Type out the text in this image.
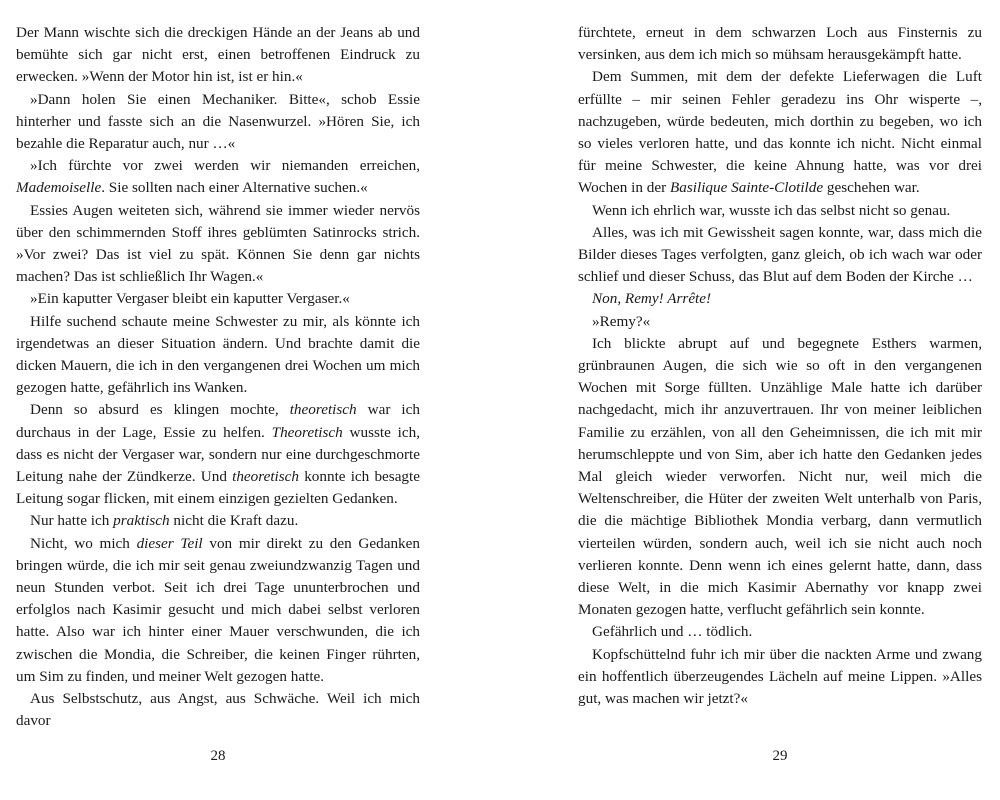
Der Mann wischte sich die dreckigen Hände an der Jeans ab und bemühte sich gar nicht erst, einen betroffenen Eindruck zu erwecken. »Wenn der Motor hin ist, ist er hin.«

»Dann holen Sie einen Mechaniker. Bitte«, schob Essie hinterher und fasste sich an die Nasenwurzel. »Hören Sie, ich bezahle die Reparatur auch, nur …«

»Ich fürchte vor zwei werden wir niemanden erreichen, Mademoiselle. Sie sollten nach einer Alternative suchen.«

Essies Augen weiteten sich, während sie immer wieder nervös über den schimmernden Stoff ihres geblümten Satinrocks strich. »Vor zwei? Das ist viel zu spät. Können Sie denn gar nichts machen? Das ist schließlich Ihr Wagen.«

»Ein kaputter Vergaser bleibt ein kaputter Vergaser.«

Hilfe suchend schaute meine Schwester zu mir, als könnte ich irgendetwas an dieser Situation ändern. Und brachte damit die dicken Mauern, die ich in den vergangenen drei Wochen um mich gezogen hatte, gefährlich ins Wanken.

Denn so absurd es klingen mochte, theoretisch war ich durchaus in der Lage, Essie zu helfen. Theoretisch wusste ich, dass es nicht der Vergaser war, sondern nur eine durchgeschmorte Leitung nahe der Zündkerze. Und theoretisch konnte ich besagte Leitung sogar flicken, mit einem einzigen gezielten Gedanken.

Nur hatte ich praktisch nicht die Kraft dazu.

Nicht, wo mich dieser Teil von mir direkt zu den Gedanken bringen würde, die ich mir seit genau zweiundzwanzig Tagen und neun Stunden verbot. Seit ich drei Tage ununterbrochen und erfolglos nach Kasimir gesucht und mich dabei selbst verloren hatte. Also war ich hinter einer Mauer verschwunden, die ich zwischen die Mondia, die Schreiber, die keinen Finger rührten, um Sim zu finden, und meiner Welt gezogen hatte.

Aus Selbstschutz, aus Angst, aus Schwäche. Weil ich mich davor

28

fürchtete, erneut in dem schwarzen Loch aus Finsternis zu versinken, aus dem ich mich so mühsam herausgekämpft hatte.

Dem Summen, mit dem der defekte Lieferwagen die Luft erfüllte – mir seinen Fehler geradezu ins Ohr wisperte –, nachzugeben, würde bedeuten, mich dorthin zu begeben, wo ich so vieles verloren hatte, und das konnte ich nicht. Nicht einmal für meine Schwester, die keine Ahnung hatte, was vor drei Wochen in der Basilique Sainte-Clotilde geschehen war.

Wenn ich ehrlich war, wusste ich das selbst nicht so genau.

Alles, was ich mit Gewissheit sagen konnte, war, dass mich die Bilder dieses Tages verfolgten, ganz gleich, ob ich wach war oder schlief und dieser Schuss, das Blut auf dem Boden der Kirche …

Non, Remy! Arrête!

»Remy?«

Ich blickte abrupt auf und begegnete Esthers warmen, grünbraunen Augen, die sich wie so oft in den vergangenen Wochen mit Sorge füllten. Unzählige Male hatte ich darüber nachgedacht, mich ihr anzuvertrauen. Ihr von meiner leiblichen Familie zu erzählen, von all den Geheimnissen, die ich mit mir herumschleppte und von Sim, aber ich hatte den Gedanken jedes Mal gleich wieder verworfen. Nicht nur, weil mich die Weltenschreiber, die Hüter der zweiten Welt unterhalb von Paris, die die mächtige Bibliothek Mondia verbarg, dann vermutlich vierteilen würden, sondern auch, weil ich sie nicht auch noch verlieren konnte. Denn wenn ich eines gelernt hatte, dann, dass diese Welt, in die mich Kasimir Abernathy vor knapp zwei Monaten gezogen hatte, verflucht gefährlich sein konnte.

Gefährlich und … tödlich.

Kopfschüttelnd fuhr ich mir über die nackten Arme und zwang ein hoffentlich überzeugendes Lächeln auf meine Lippen. »Alles gut, was machen wir jetzt?«

29
